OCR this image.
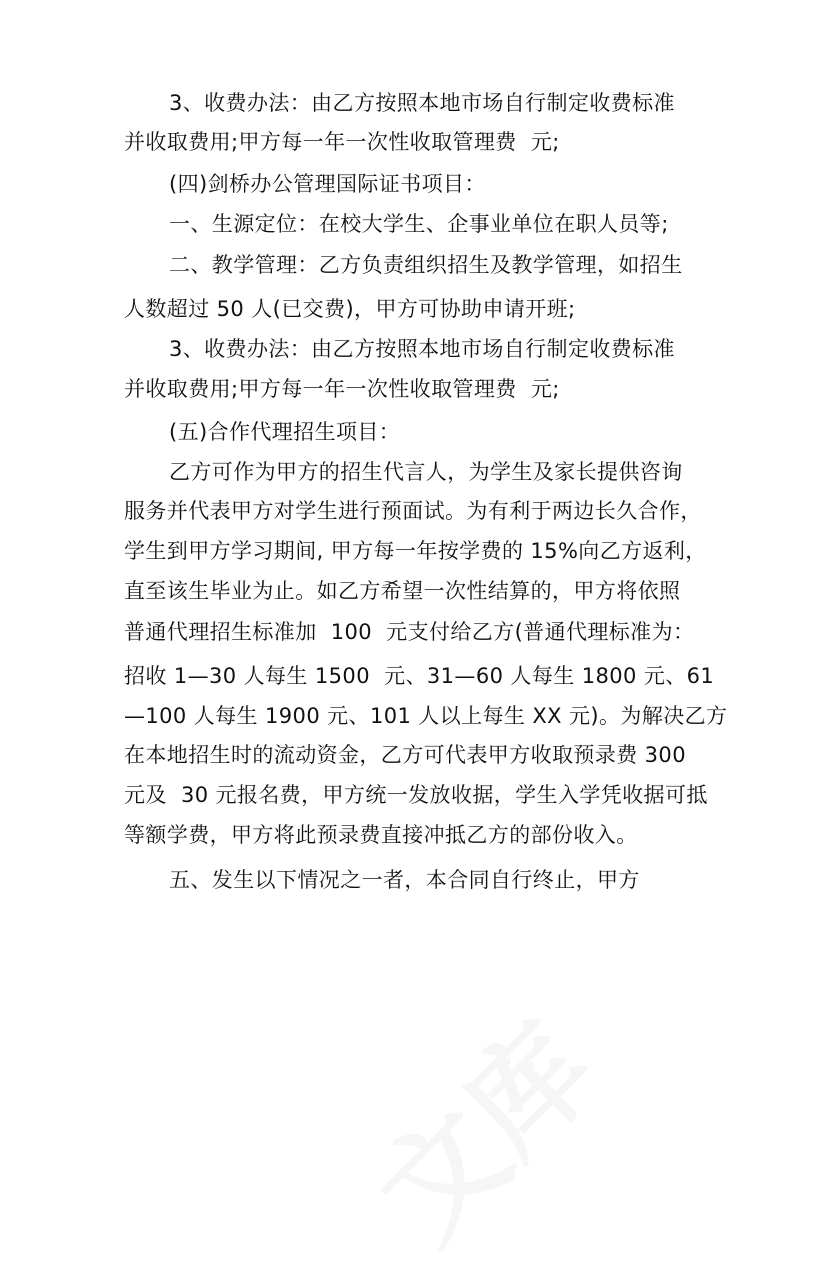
3、收费办法：由乙方按照本地市场自行制定收费标准
并收取费用;甲方每一年一次性收取管理费  元;
(四)剑桥办公管理国际证书项目：
一、生源定位：在校大学生、企事业单位在职人员等;
二、教学管理：乙方负责组织招生及教学管理，如招生
人数超过 50 人(已交费)，甲方可协助申请开班;
3、收费办法：由乙方按照本地市场自行制定收费标准
并收取费用;甲方每一年一次性收取管理费  元;
(五)合作代理招生项目：
乙方可作为甲方的招生代言人，为学生及家长提供咨询
服务并代表甲方对学生进行预面试。为有利于两边长久合作，
学生到甲方学习期间, 甲方每一年按学费的 15%向乙方返利，
直至该生毕业为止。如乙方希望一次性结算的，甲方将依照
普通代理招生标准加  100  元支付给乙方(普通代理标准为：
招收 1—30 人每生 1500  元、31—60 人每生 1800 元、61
—100 人每生 1900 元、101 人以上每生 XX 元)。为解决乙方
在本地招生时的流动资金，乙方可代表甲方收取预录费 300
元及  30 元报名费，甲方统一发放收据，学生入学凭收据可抵
等额学费，甲方将此预录费直接冲抵乙方的部份收入。
五、发生以下情况之一者，本合同自行终止，甲方
